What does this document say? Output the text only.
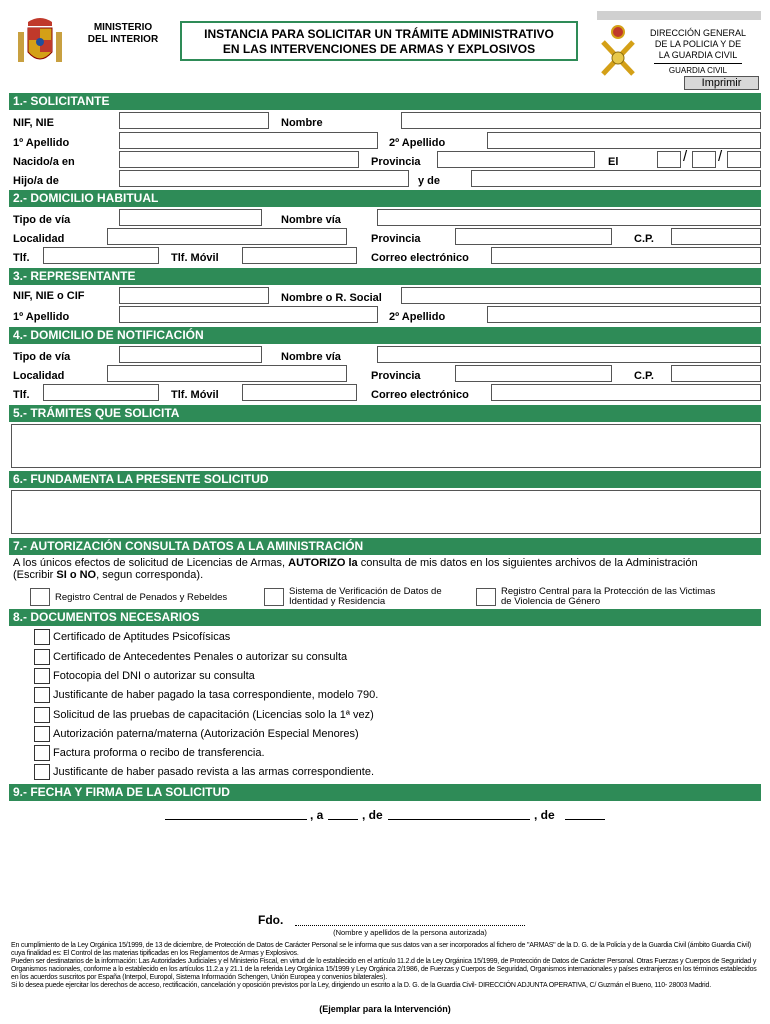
MINISTERIO
DEL INTERIOR	INSTANCIA PARA SOLICITAR UN TRÁMITE ADMINISTRATIVO
EN LAS INTERVENCIONES DE ARMAS Y EXPLOSIVOS
DIRECCIÓN GENERAL
DE LA POLICIA Y DE
LA GUARDIA CIVIL
GUARDIA CIVIL
Imprimir
1.- SOLICITANTE
NIF, NIE	Nombre
1º Apellido	2º Apellido
Nacido/a en	Provincia	El	/ /
Hijo/a de	y de
2.- DOMICILIO HABITUAL
Tipo de vía	Nombre vía
Localidad	Provincia	C.P.
Tlf.	Tlf. Móvil	Correo electrónico
3.- REPRESENTANTE
NIF, NIE o CIF	Nombre o R. Social
1º Apellido	2º Apellido
4.- DOMICILIO DE NOTIFICACIÓN
Tipo de vía	Nombre vía
Localidad	Provincia	C.P.
Tlf.	Tlf. Móvil	Correo electrónico
5.- TRÁMITES QUE SOLICITA
6.- FUNDAMENTA LA PRESENTE SOLICITUD
7.- AUTORIZACIÓN CONSULTA DATOS A LA AMINISTRACIÓN
A los únicos efectos de solicitud de Licencias de Armas, AUTORIZO la consulta de mis datos en los siguientes archivos de la Administración
(Escribir SI o NO, segun corresponda).
Registro Central de Penados y Rebeldes
Sistema de Verificación de Datos de
Identidad y Residencia
Registro Central para la Protección de las Victimas
de Violencia de Género
8.- DOCUMENTOS NECESARIOS
Certificado de Aptitudes Psicofísicas
Certificado de Antecedentes Penales o autorizar su consulta
Fotocopia del DNI o autorizar su consulta
Justificante de haber pagado la tasa correspondiente, modelo 790.
Solicitud de las pruebas de capacitación (Licencias solo la 1ª vez)
Autorización paterna/materna (Autorización Especial Menores)
Factura proforma o recibo de transferencia.
Justificante de haber pasado revista a las armas correspondiente.
9.- FECHA Y FIRMA DE LA SOLICITUD
, a	, de	, de
Fdo.
(Nombre y apellidos de la persona autorizada)
En cumplimiento de la Ley Orgánica 15/1999, de 13 de diciembre, de Protección de Datos de Carácter Personal se le informa que sus datos van a ser incorporados al fichero de "ARMAS" de la D. G. de la Policía y de la Guardia Civil (ámbito Guardia Civil) cuya finalidad es: El Control de las materias tipificadas en los Reglamentos de Armas y Explosivos.
Pueden ser destinatarios de la información: Las Autoridades Judiciales y el Ministerio Fiscal, en virtud de lo establecido en el artículo 11.2.d de la Ley Orgánica 15/1999, de Protección de Datos de Carácter Personal. Otras Fuerzas y Cuerpos de Seguridad y Organismos nacionales, conforme a lo establecido en los artículos 11.2.a y 21.1 de la referida Ley Orgánica 15/1999 y Ley Orgánica 2/1986, de Fuerzas y Cuerpos de Seguridad, Organismos internacionales y países extranjeros en los términos establecidos en los acuerdos suscritos por España (Interpol, Europol, Sistema Información Schengen, Unión Europea y convenios bilaterales).
Si lo desea puede ejercitar los derechos de acceso, rectificación, cancelación y oposición previstos por la Ley, dirigiendo un escrito a la D. G. de la Guardia Civil- DIRECCIÓN ADJUNTA OPERATIVA, C/ Guzmán el Bueno, 110- 28003 Madrid.
(Ejemplar para la Intervención)
